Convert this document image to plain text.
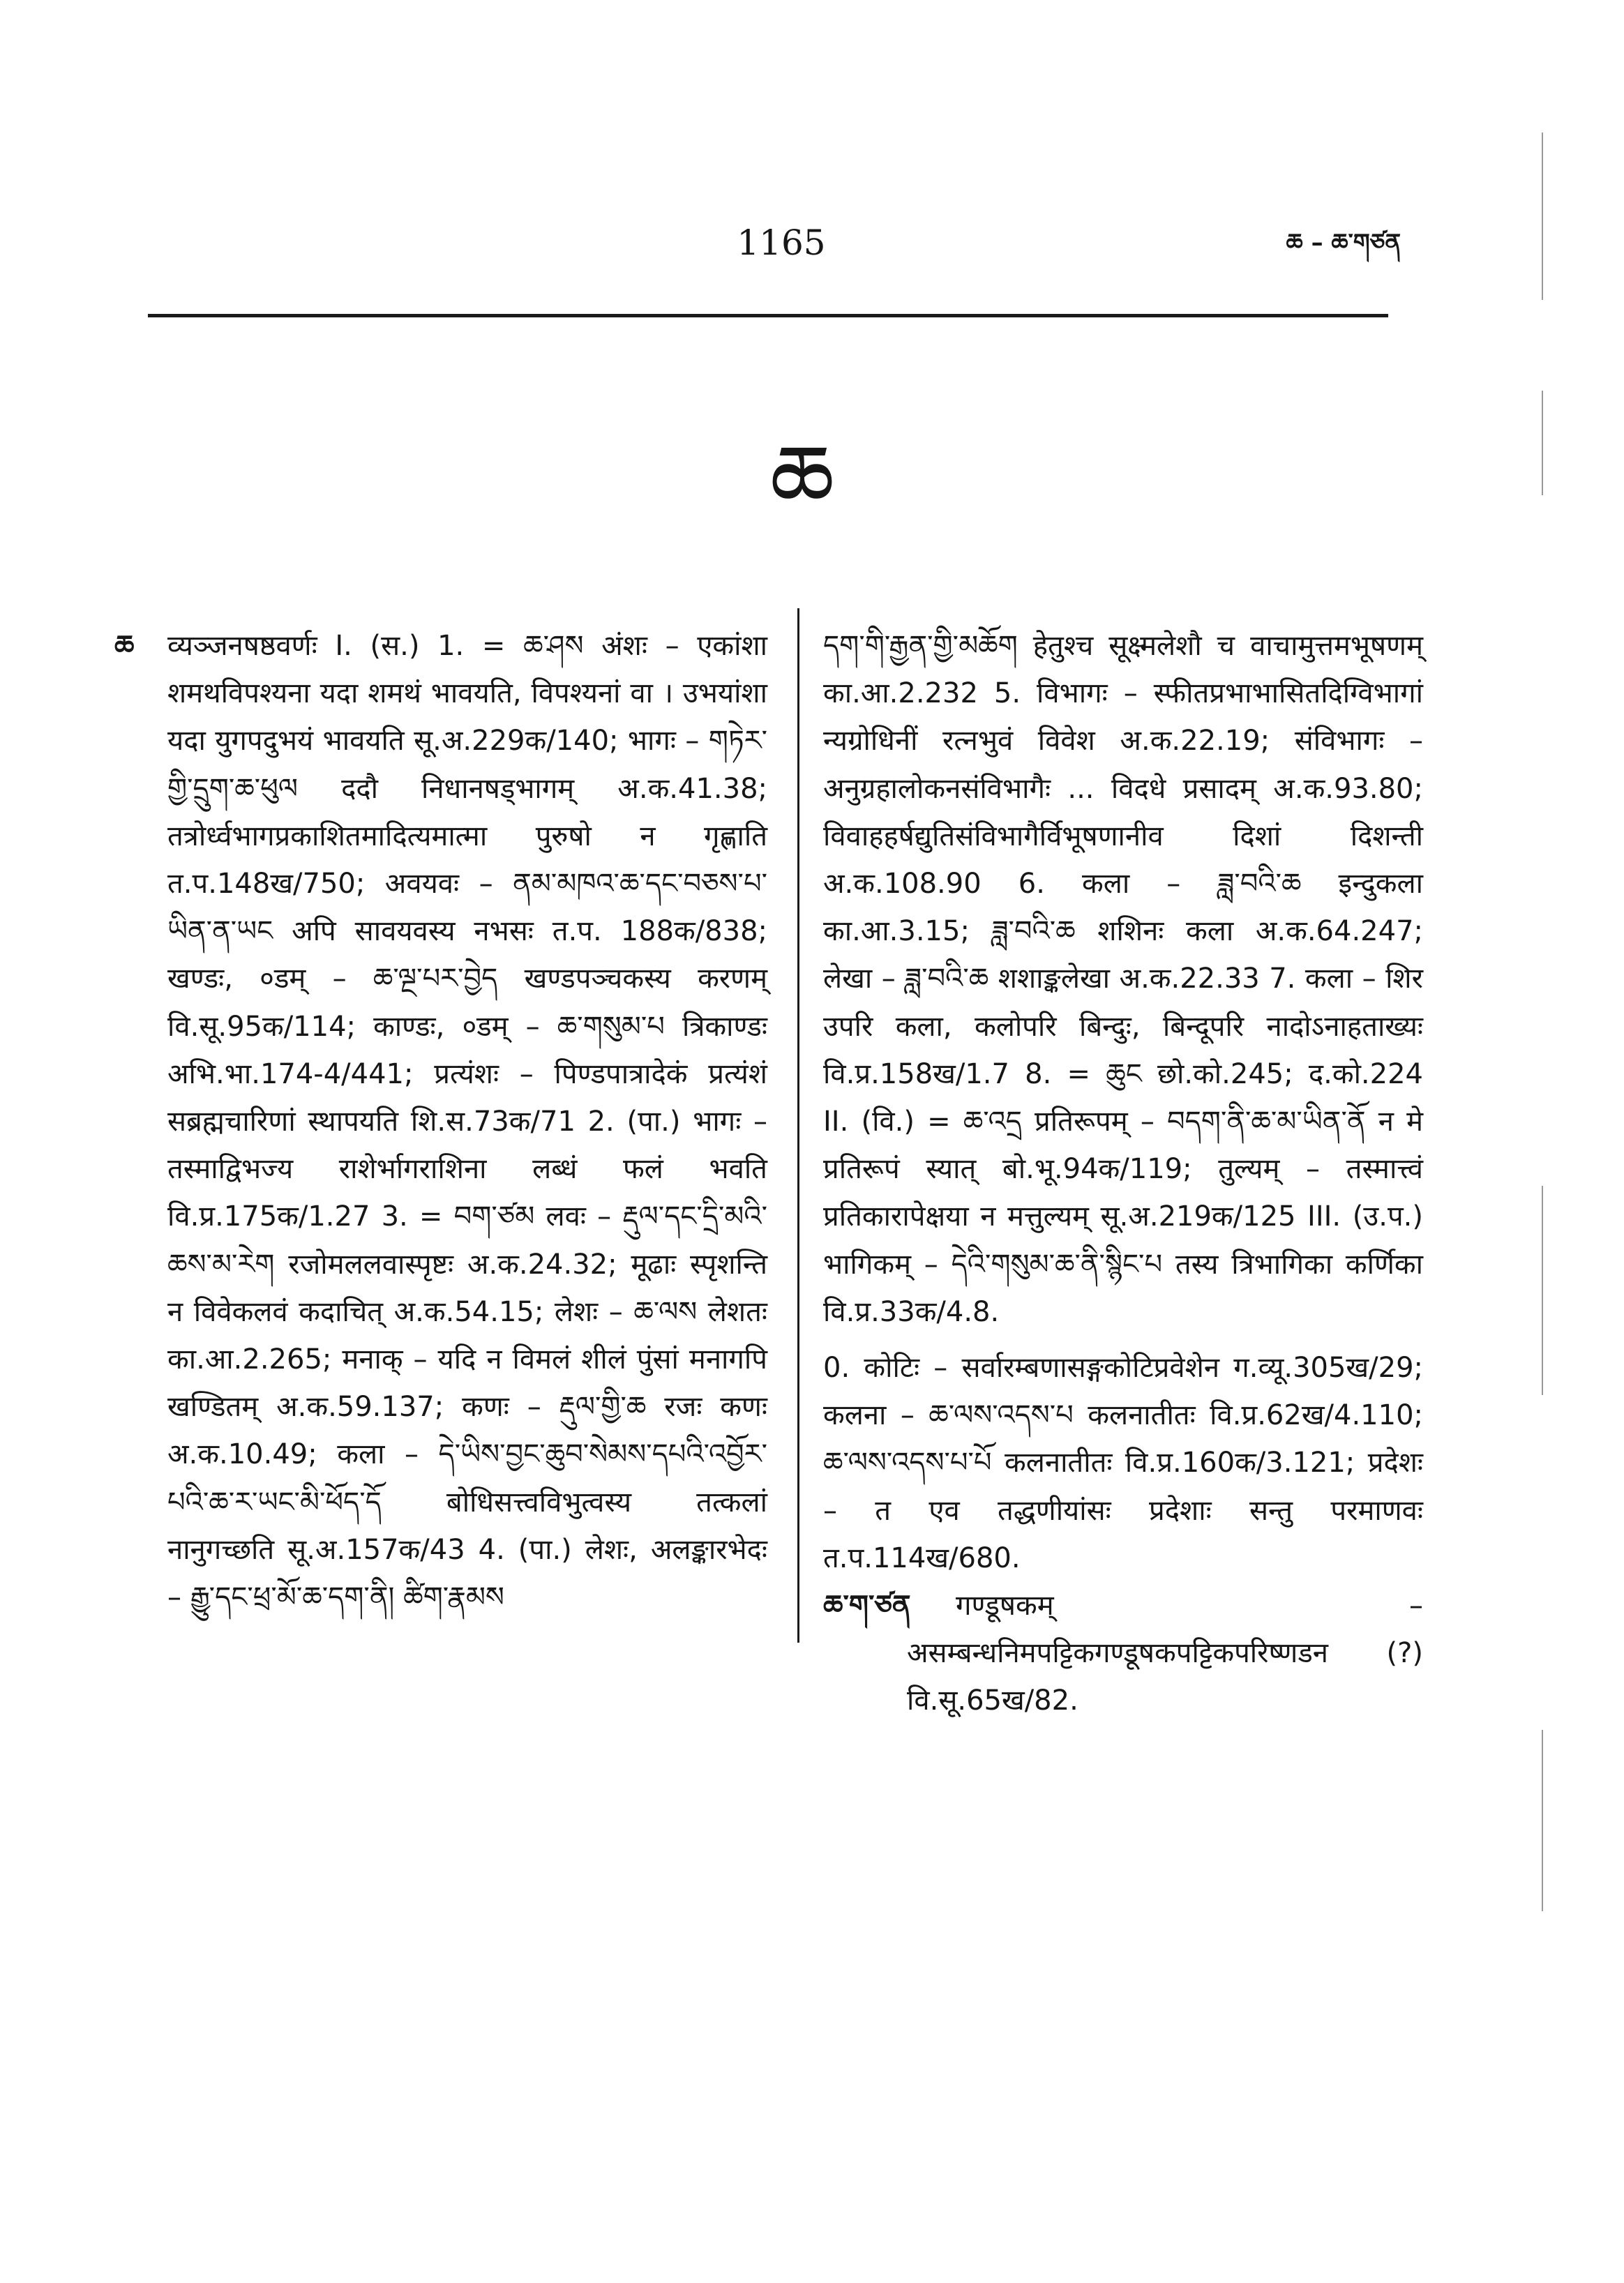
1165	ཆ – ཆ་གཙན
ཆ

ཆ व्यञ्जनषष्ठवर्णः I. (स.) 1. = ཆ་ཤས अंशः – एकांशा शमथविपश्यना यदा शमथं भावयति, विपश्यनां वा । उभयांशा यदा युगपदुभयं भावयति सू.अ.229क/140; भागः – གཏེར་གྱི་དྲུག་ཆ་ཕུལ ददौ निधानषड्भागम् अ.क.41.38; तत्रोर्ध्वभागप्रकाशितमादित्यमात्मा पुरुषो न गृह्णाति त.प.148ख/750; अवयवः – ནམ་མཁའ་ཆ་དང་བཅས་པ་ཡིན་ན་ཡང अपि सावयवस्य नभसः त.प. 188क/838; खण्डः, ०डम् – ཆ་ལྔ་པར་བྱེད खण्डपञ्चकस्य करणम् वि.सू.95क/114; काण्डः, ०डम् – ཆ་གསུམ་པ त्रिकाण्डः अभि.भा.174-4/441; प्रत्यंशः – पिण्डपात्रादेकं प्रत्यंशं सब्रह्मचारिणां स्थापयति शि.स.73क/71 2. (पा.) भागः – तस्माद्विभज्य राशेर्भागराशिना लब्धं फलं भवति वि.प्र.175क/1.27 3. = བག་ཙམ लवः – རྡུལ་དང་དྲི་མའི་ཆས་མ་རེག रजोमललवास्पृष्टः अ.क.24.32; मूढाः स्पृशन्ति न विवेकलवं कदाचित् अ.क.54.15; लेशः – ཆ་ལས लेशतः का.आ.2.265; मनाक् – यदि न विमलं शीलं पुंसां मनागपि खण्डितम् अ.क.59.137; कणः – རྡུལ་གྱི་ཆ रजः कणः अ.क.10.49; कला – དེ་ཡིས་བྱང་ཆུབ་སེམས་དཔའི་འབྱོར་པའི་ཆ་ར་ཡང་མི་ཕོད་དོ बोधिसत्त्वविभुत्वस्य तत्कलां नानुगच्छति सू.अ.157क/43 4. (पा.) लेशः, अलङ्कारभेदः – རྒྱུ་དང་ཕྲ་མོ་ཆ་དག་ནི། ཚིག་རྣམས

དག་གི་རྒྱན་གྱི་མཆོག हेतुश्च सूक्ष्मलेशौ च वाचामुत्तमभूषणम् का.आ.2.232 5. विभागः – स्फीतप्रभाभासितदिग्विभागां न्यग्रोधिनीं रत्नभुवं विवेश अ.क.22.19; संविभागः – अनुग्रहालोकनसंविभागैः ... विदधे प्रसादम् अ.क.93.80; विवाहहर्षद्युतिसंविभागैर्विभूषणानीव दिशां दिशन्ती अ.क.108.90 6. कला – ཟླ་བའི་ཆ इन्दुकला का.आ.3.15; ཟླ་བའི་ཆ शशिनः कला अ.क.64.247; लेखा – ཟླ་བའི་ཆ शशाङ्कलेखा अ.क.22.33 7. कला – शिर उपरि कला, कलोपरि बिन्दुः, बिन्दूपरि नादोऽनाहताख्यः वि.प्र.158ख/1.7 8. = ཆུང छो.को.245; द.को.224 II. (वि.) = ཆ་འདྲ प्रतिरूपम् – བདག་ནི་ཆ་མ་ཡིན་ནོ न मे प्रतिरूपं स्यात् बो.भू.94क/119; तुल्यम् – तस्मात्त्वं प्रतिकारापेक्षया न मत्तुल्यम् सू.अ.219क/125 III. (उ.प.) भागिकम् – དེའི་གསུམ་ཆ་ནི་སྙིང་པ तस्य त्रिभागिका कर्णिका वि.प्र.33क/4.8.

0. कोटिः – सर्वारम्बणासङ्गकोटिप्रवेशेन ग.व्यू.305ख/29; कलना – ཆ་ལས་འདས་པ कलनातीतः वि.प्र.62ख/4.110; ཆ་ལས་འདས་པ་པོ कलनातीतः वि.प्र.160क/3.121; प्रदेशः – त एव तद्धणीयांसः प्रदेशाः सन्तु परमाणवः त.प.114ख/680.

ཆ་ག་ཙན गण्डूषकम् – असम्बन्धनिमपट्टिकगण्डूषकपट्टिकपरिष्णडन (?) वि.सू.65ख/82.
